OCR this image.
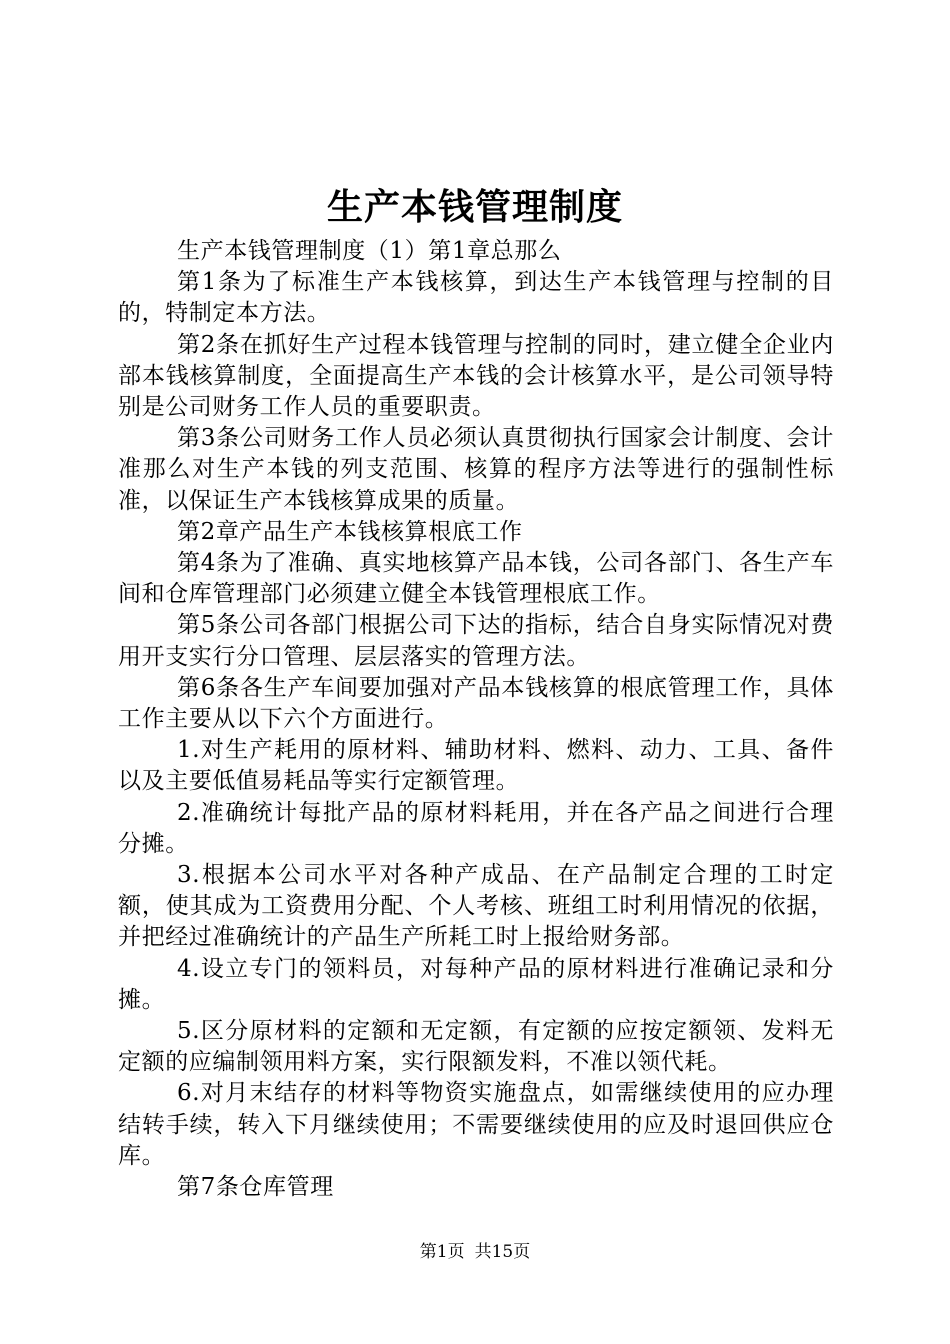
生产本钱管理制度

生产本钱管理制度（1）第1章总那么

第1条为了标准生产本钱核算，到达生产本钱管理与控制的目的，特制定本方法。

第2条在抓好生产过程本钱管理与控制的同时，建立健全企业内部本钱核算制度，全面提高生产本钱的会计核算水平，是公司领导特别是公司财务工作人员的重要职责。

第3条公司财务工作人员必须认真贯彻执行国家会计制度、会计准那么对生产本钱的列支范围、核算的程序方法等进行的强制性标准，以保证生产本钱核算成果的质量。

第2章产品生产本钱核算根底工作

第4条为了准确、真实地核算产品本钱，公司各部门、各生产车间和仓库管理部门必须建立健全本钱管理根底工作。

第5条公司各部门根据公司下达的指标，结合自身实际情况对费用开支实行分口管理、层层落实的管理方法。

第6条各生产车间要加强对产品本钱核算的根底管理工作，具体工作主要从以下六个方面进行。

1.对生产耗用的原材料、辅助材料、燃料、动力、工具、备件以及主要低值易耗品等实行定额管理。

2.准确统计每批产品的原材料耗用，并在各产品之间进行合理分摊。

3.根据本公司水平对各种产成品、在产品制定合理的工时定额，使其成为工资费用分配、个人考核、班组工时利用情况的依据，并把经过准确统计的产品生产所耗工时上报给财务部。

4.设立专门的领料员，对每种产品的原材料进行准确记录和分摊。

5.区分原材料的定额和无定额，有定额的应按定额领、发料无定额的应编制领用料方案，实行限额发料，不准以领代耗。

6.对月末结存的材料等物资实施盘点，如需继续使用的应办理结转手续，转入下月继续使用；不需要继续使用的应及时退回供应仓库。

第7条仓库管理

第1页 共15页
